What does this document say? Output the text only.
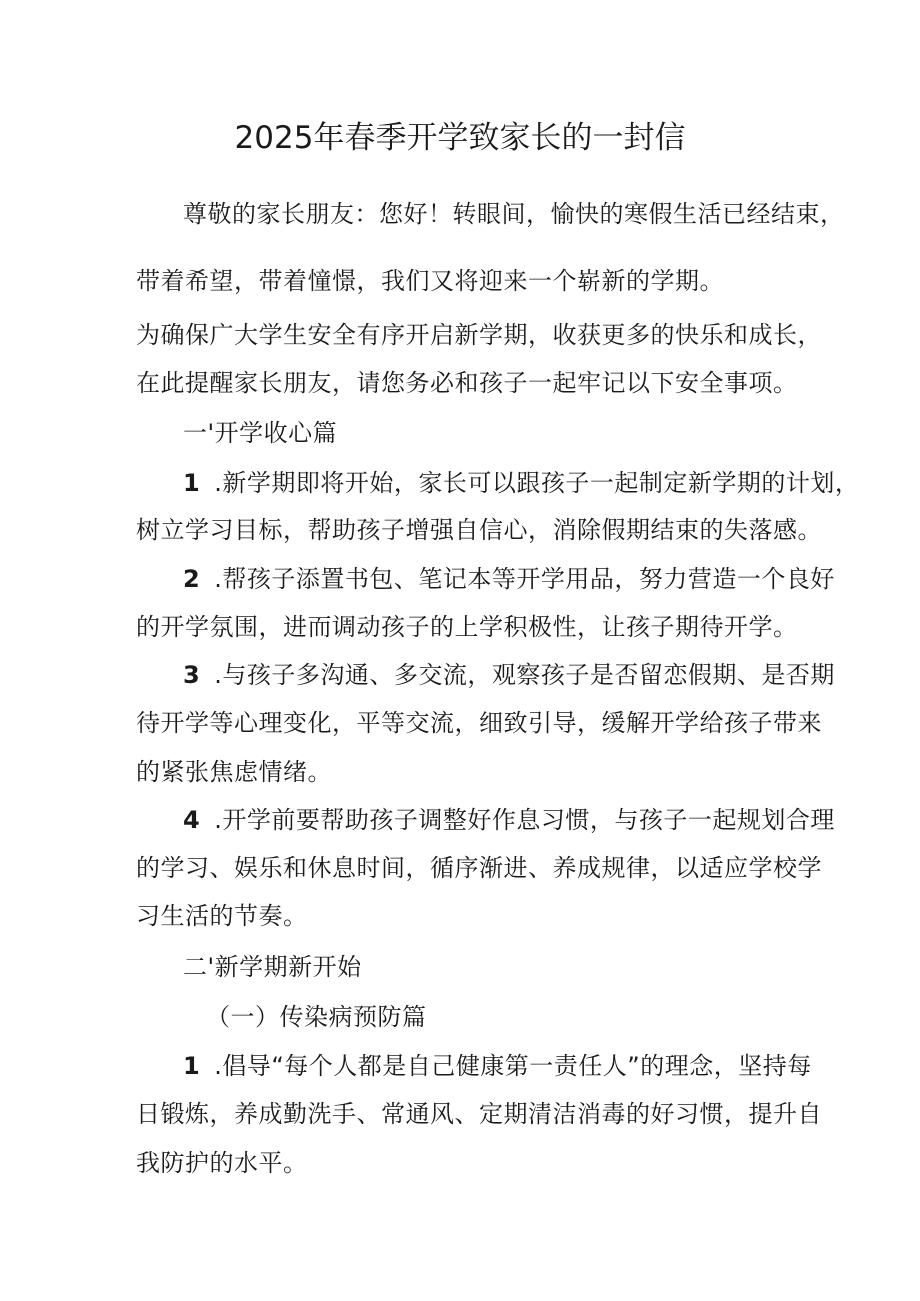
2025年春季开学致家长的一封信
尊敬的家长朋友：您好！转眼间，愉快的寒假生活已经结束，
带着希望，带着憧憬，我们又将迎来一个崭新的学期。
为确保广大学生安全有序开启新学期，收获更多的快乐和成长，
在此提醒家长朋友，请您务必和孩子一起牢记以下安全事项。
一'开学收心篇
1 .新学期即将开始，家长可以跟孩子一起制定新学期的计划，
树立学习目标，帮助孩子增强自信心，消除假期结束的失落感。
2 .帮孩子添置书包、笔记本等开学用品，努力营造一个良好
的开学氛围，进而调动孩子的上学积极性，让孩子期待开学。
3 .与孩子多沟通、多交流，观察孩子是否留恋假期、是否期
待开学等心理变化，平等交流，细致引导，缓解开学给孩子带来
的紧张焦虑情绪。
4 .开学前要帮助孩子调整好作息习惯，与孩子一起规划合理
的学习、娱乐和休息时间，循序渐进、养成规律，以适应学校学
习生活的节奏。
二'新学期新开始
（一）传染病预防篇
1 .倡导“每个人都是自己健康第一责任人”的理念，坚持每
日锻炼，养成勤洗手、常通风、定期清洁消毒的好习惯，提升自
我防护的水平。
